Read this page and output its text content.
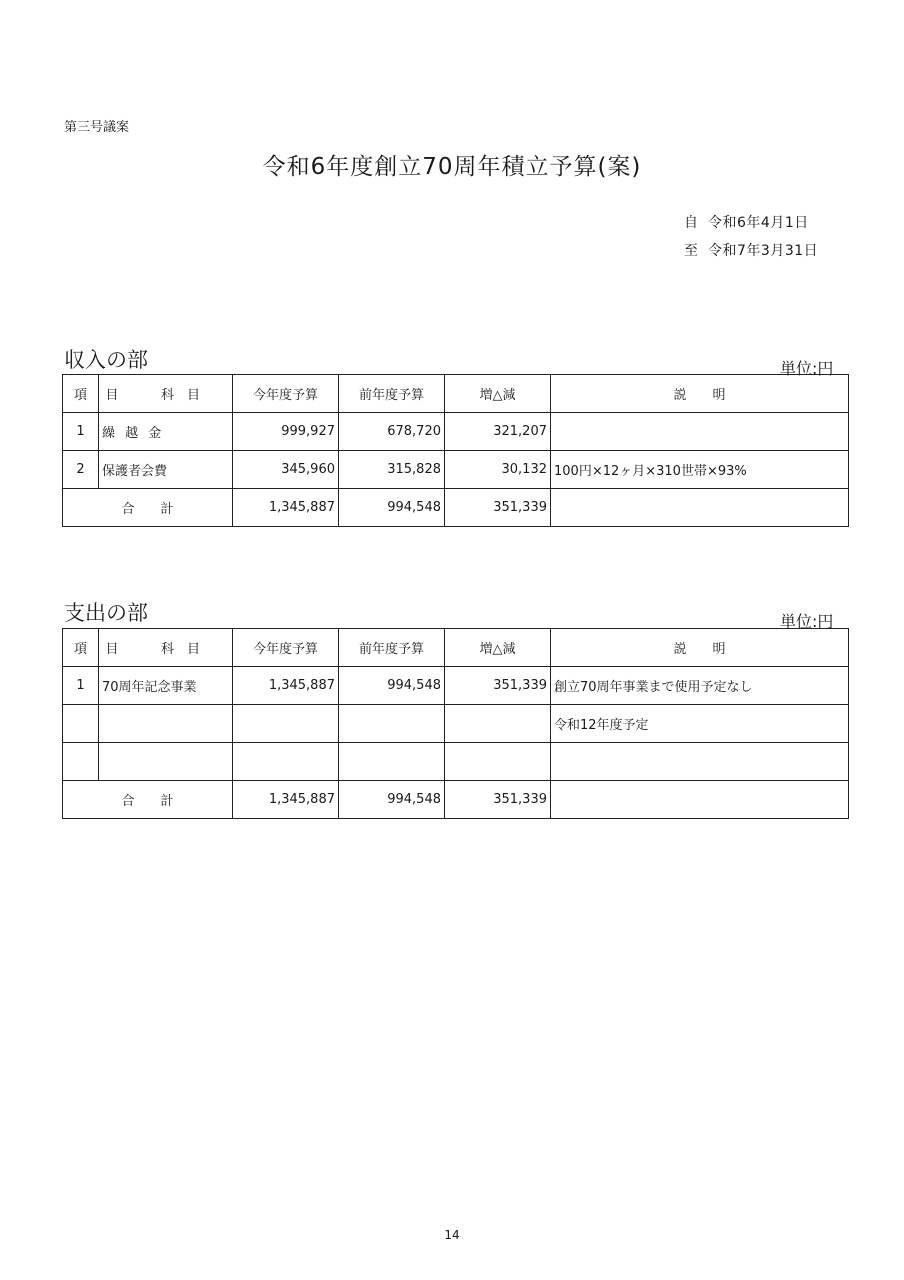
第三号議案
令和6年度創立70周年積立予算(案)
自 令和6年4月1日
至 令和7年3月31日
収入の部	単位:円
項	目 科　目	今年度予算	前年度予算	増△減	説　　明
1	繰 越 金	999,927	678,720	321,207	
2	保護者会費	345,960	315,828	30,132	100円×12ヶ月×310世帯×93%
合　　計		1,345,887	994,548	351,339	
支出の部	単位:円
項	目 科　目	今年度予算	前年度予算	増△減	説　　明
1	70周年記念事業	1,345,887	994,548	351,339	創立70周年事業まで使用予定なし
					令和12年度予定

合　　計		1,345,887	994,548	351,339	
14
